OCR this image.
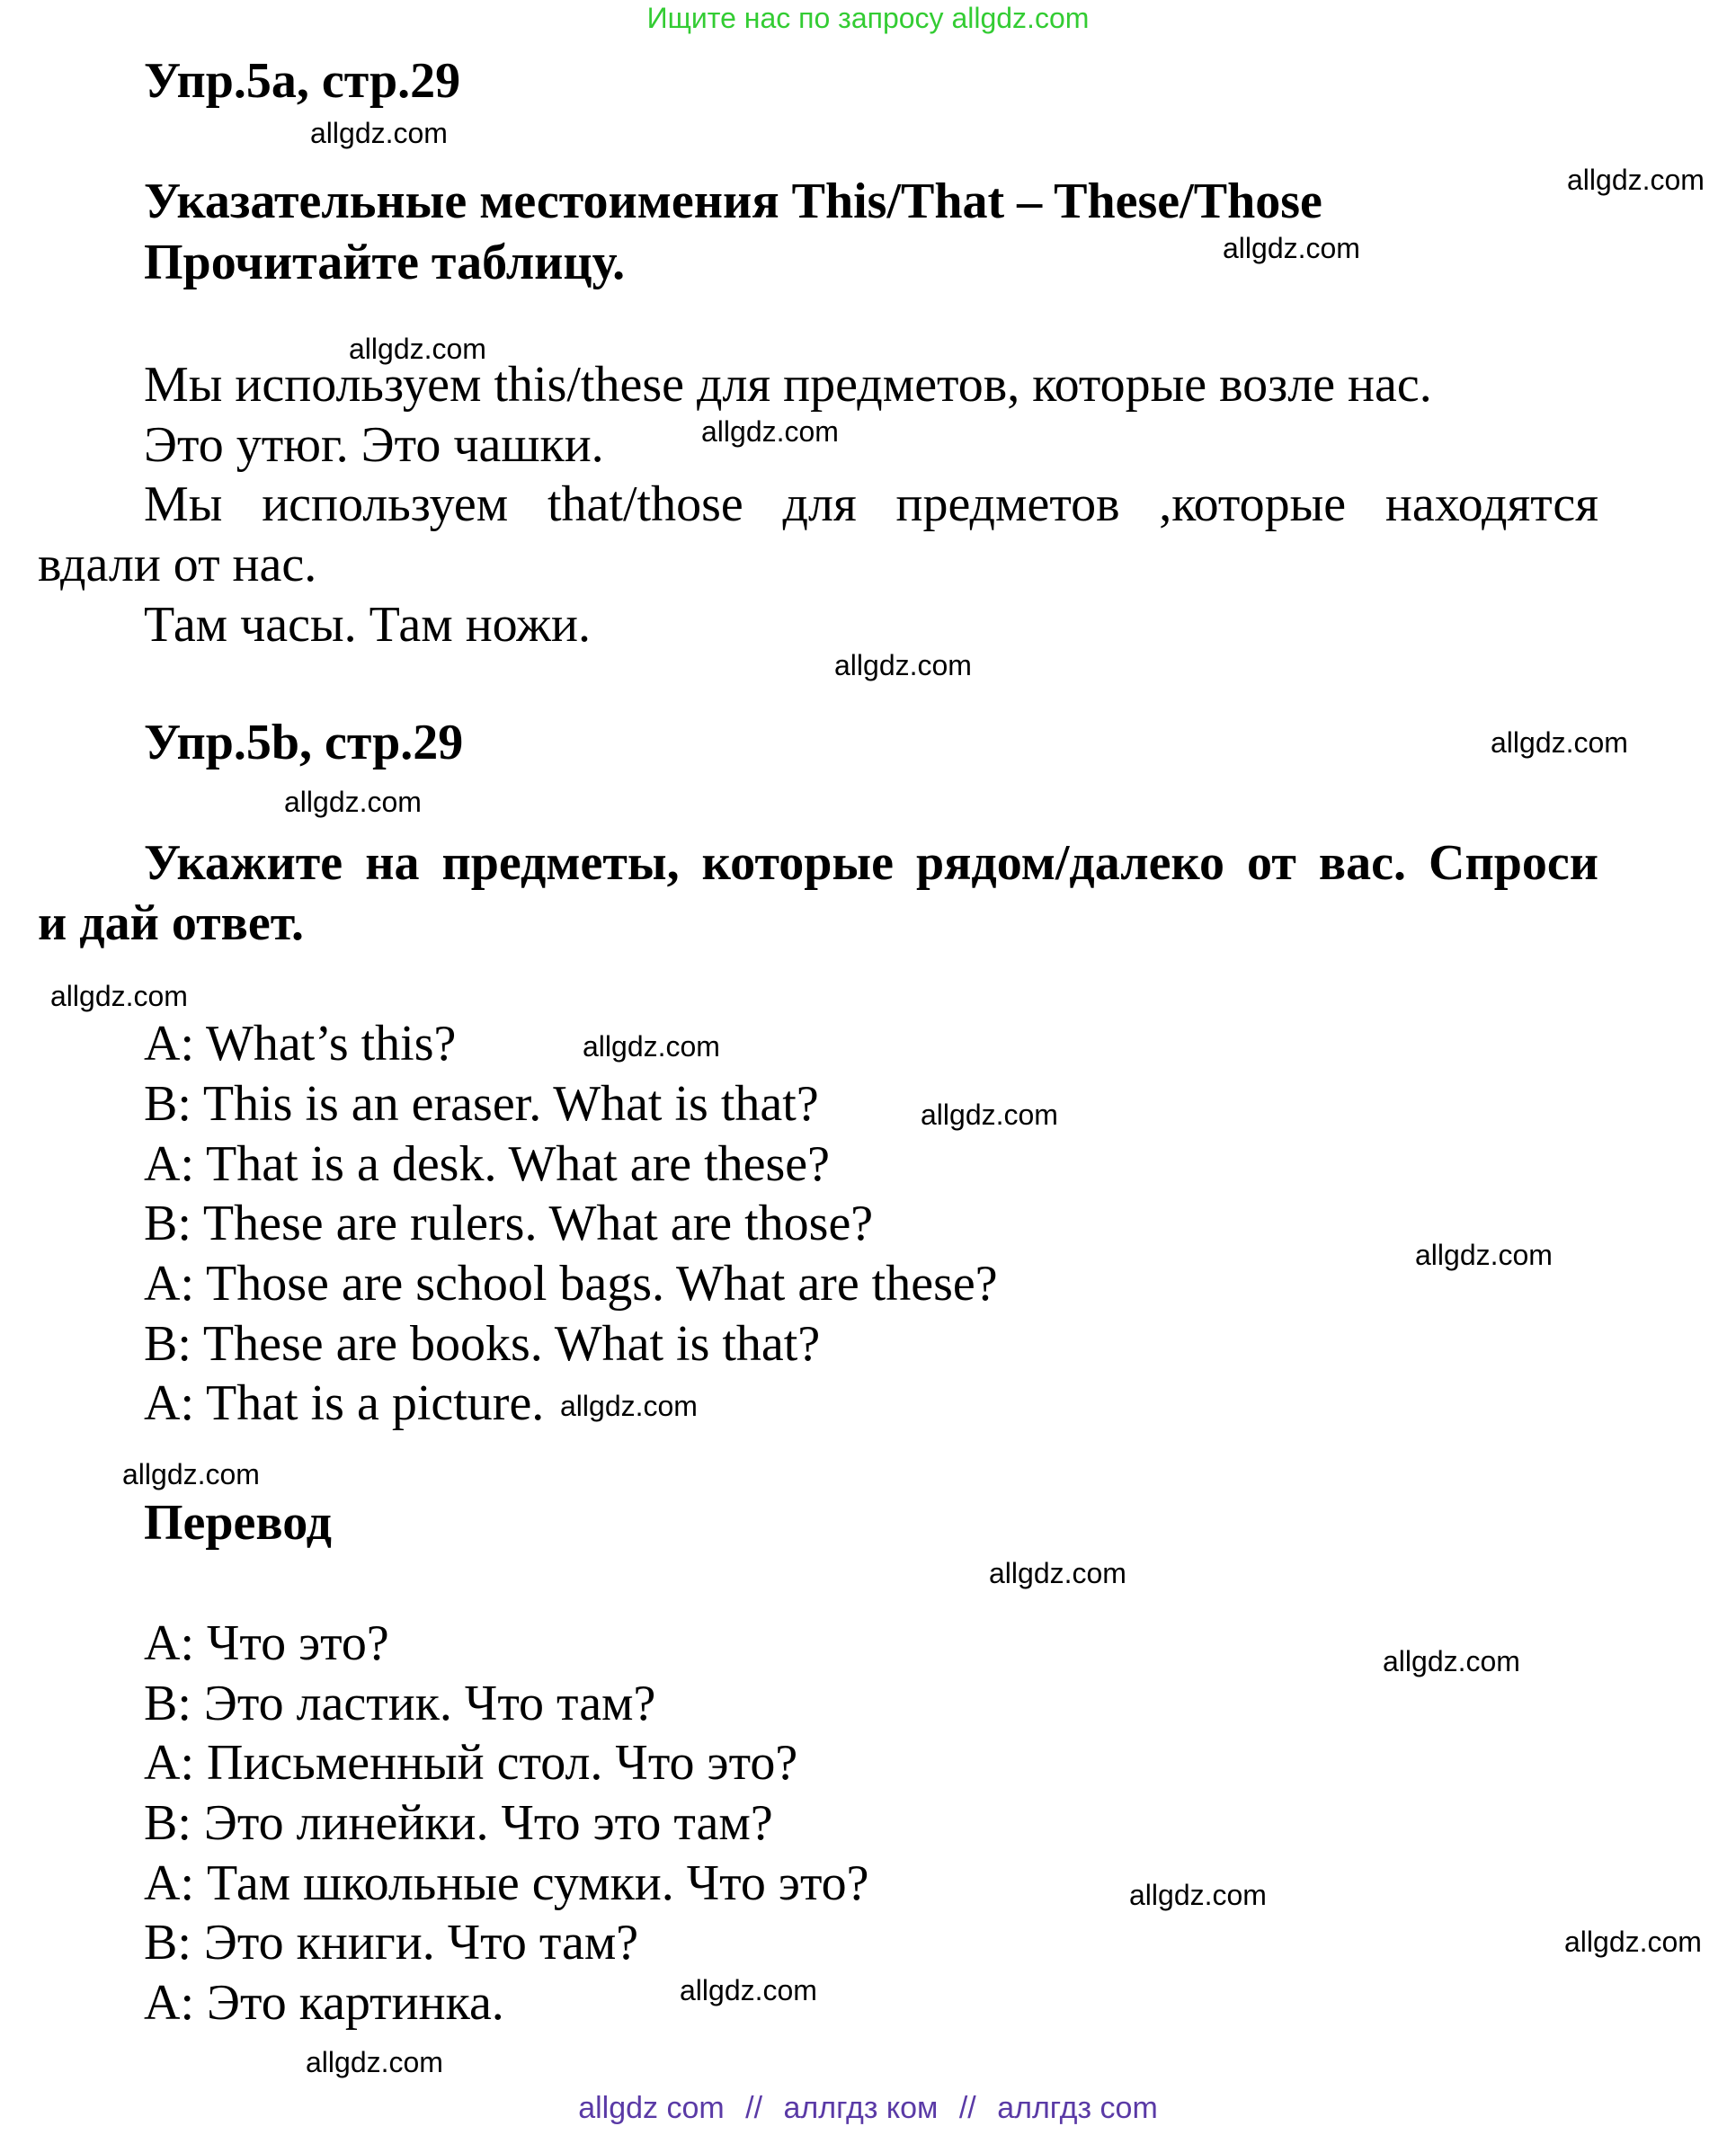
Ищите нас по запросу allgdz.com
Упр.5а, стр.29
Указательные местоимения This/That – These/Those
Прочитайте таблицу.
Мы используем this/these для предметов, которые возле нас.
Это утюг. Это чашки.
Мы используем that/those для предметов ,которые находятся
вдали от нас.
Там часы. Там ножи.
Упр.5b, стр.29
Укажите на предметы, которые рядом/далеко от вас. Спроси
и дай ответ.
A: What’s this?
B: This is an eraser. What is that?
A: That is a desk. What are these?
B: These are rulers. What are those?
A: Those are school bags. What are these?
B: These are books. What is that?
A: That is a picture.
Перевод
А: Что это?
В: Это ластик. Что там?
А: Письменный стол. Что это?
В: Это линейки. Что это там?
А: Там школьные сумки. Что это?
В: Это книги. Что там?
А: Это картинка.
allgdz.com
allgdz.com
allgdz.com
allgdz.com
allgdz.com
allgdz.com
allgdz.com
allgdz.com
allgdz.com
allgdz.com
allgdz.com
allgdz.com
allgdz.com
allgdz.com
allgdz.com
allgdz.com
allgdz.com
allgdz.com
allgdz.com
allgdz.com
allgdz com // аллгдз ком // аллгдз com
